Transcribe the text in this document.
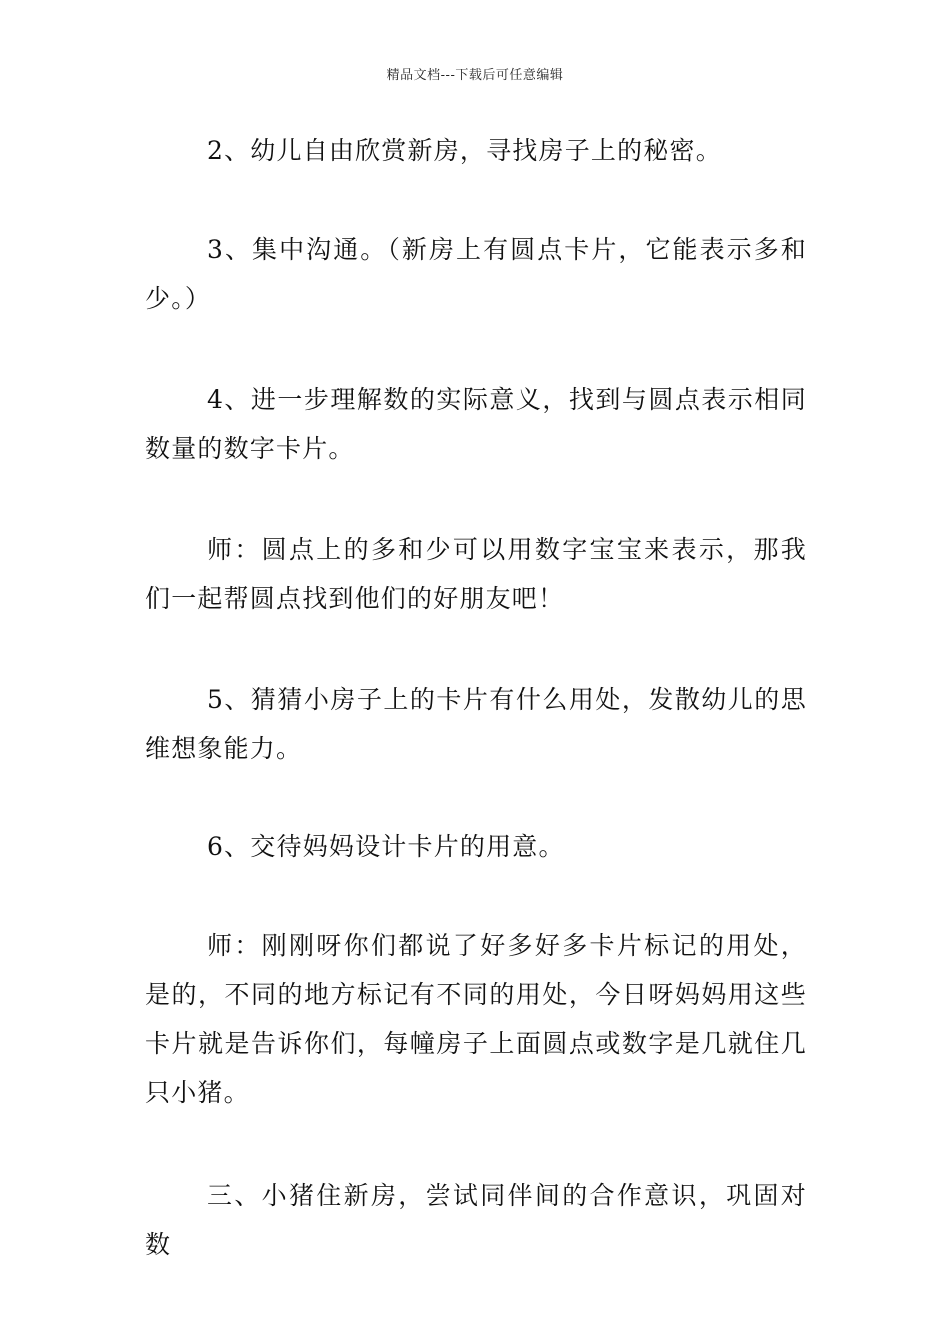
精品文档---下载后可任意编辑

2、幼儿自由欣赏新房，寻找房子上的秘密。

3、集中沟通。（新房上有圆点卡片，它能表示多和少。）

4、进一步理解数的实际意义，找到与圆点表示相同数量的数字卡片。

师：圆点上的多和少可以用数字宝宝来表示，那我们一起帮圆点找到他们的好朋友吧！

5、猜猜小房子上的卡片有什么用处，发散幼儿的思维想象能力。

6、交待妈妈设计卡片的用意。

师：刚刚呀你们都说了好多好多卡片标记的用处，是的，不同的地方标记有不同的用处，今日呀妈妈用这些卡片就是告诉你们，每幢房子上面圆点或数字是几就住几只小猪。

三、小猪住新房，尝试同伴间的合作意识，巩固对数
